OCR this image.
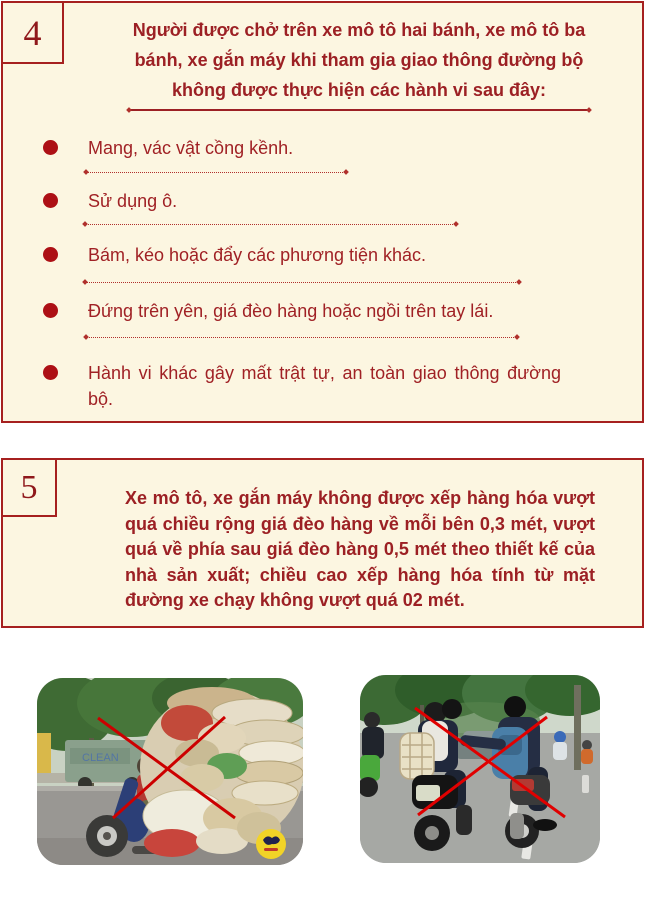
4	Người được chở trên xe mô tô hai bánh, xe mô tô ba bánh, xe gắn máy khi tham gia giao thông đường bộ không được thực hiện các hành vi sau đây:
Mang, vác vật cồng kềnh.
Sử dụng ô.
Bám, kéo hoặc đẩy các phương tiện khác.
Đứng trên yên, giá đèo hàng hoặc ngồi trên tay lái.
Hành vi khác gây mất trật tự, an toàn giao thông đường bộ.
5	Xe mô tô, xe gắn máy không được xếp hàng hóa vượt quá chiều rộng giá đèo hàng về mỗi bên 0,3 mét, vượt quá về phía sau giá đèo hàng 0,5 mét theo thiết kế của nhà sản xuất; chiều cao xếp hàng hóa tính từ mặt đường xe chạy không vượt quá 02 mét.
CLEAN
